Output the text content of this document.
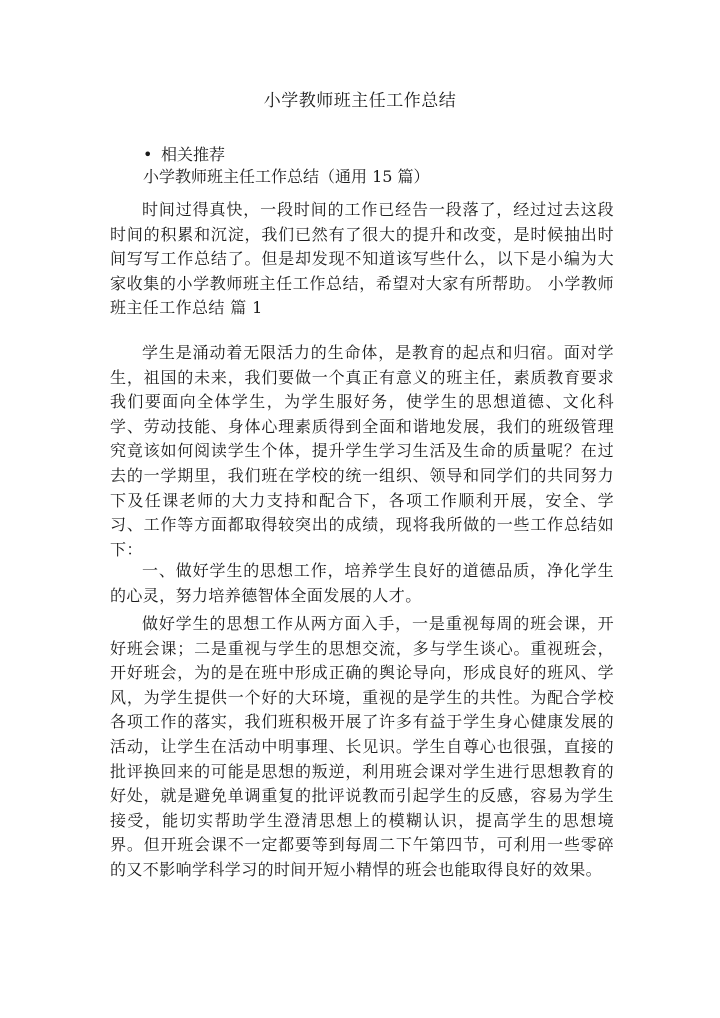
小学教师班主任工作总结
• 相关推荐
小学教师班主任工作总结（通用 15 篇）

时间过得真快，一段时间的工作已经告一段落了，经过过去这段时间的积累和沉淀，我们已然有了很大的提升和改变，是时候抽出时间写写工作总结了。但是却发现不知道该写些什么，以下是小编为大家收集的小学教师班主任工作总结，希望对大家有所帮助。 小学教师班主任工作总结 篇 1

学生是涌动着无限活力的生命体，是教育的起点和归宿。面对学生，祖国的未来，我们要做一个真正有意义的班主任，素质教育要求我们要面向全体学生，为学生服好务，使学生的思想道德、文化科学、劳动技能、身体心理素质得到全面和谐地发展，我们的班级管理究竟该如何阅读学生个体，提升学生学习生活及生命的质量呢？在过去的一学期里，我们班在学校的统一组织、领导和同学们的共同努力下及任课老师的大力支持和配合下，各项工作顺利开展，安全、学习、工作等方面都取得较突出的成绩，现将我所做的一些工作总结如下：

一、做好学生的思想工作，培养学生良好的道德品质，净化学生的心灵，努力培养德智体全面发展的人才。

做好学生的思想工作从两方面入手，一是重视每周的班会课，开好班会课；二是重视与学生的思想交流，多与学生谈心。重视班会，开好班会，为的是在班中形成正确的舆论导向，形成良好的班风、学风，为学生提供一个好的大环境，重视的是学生的共性。为配合学校各项工作的落实，我们班积极开展了许多有益于学生身心健康发展的活动，让学生在活动中明事理、长见识。学生自尊心也很强，直接的批评换回来的可能是思想的叛逆，利用班会课对学生进行思想教育的好处，就是避免单调重复的批评说教而引起学生的反感，容易为学生接受，能切实帮助学生澄清思想上的模糊认识，提高学生的思想境界。但开班会课不一定都要等到每周二下午第四节，可利用一些零碎的又不影响学科学习的时间开短小精悍的班会也能取得良好的效果。
